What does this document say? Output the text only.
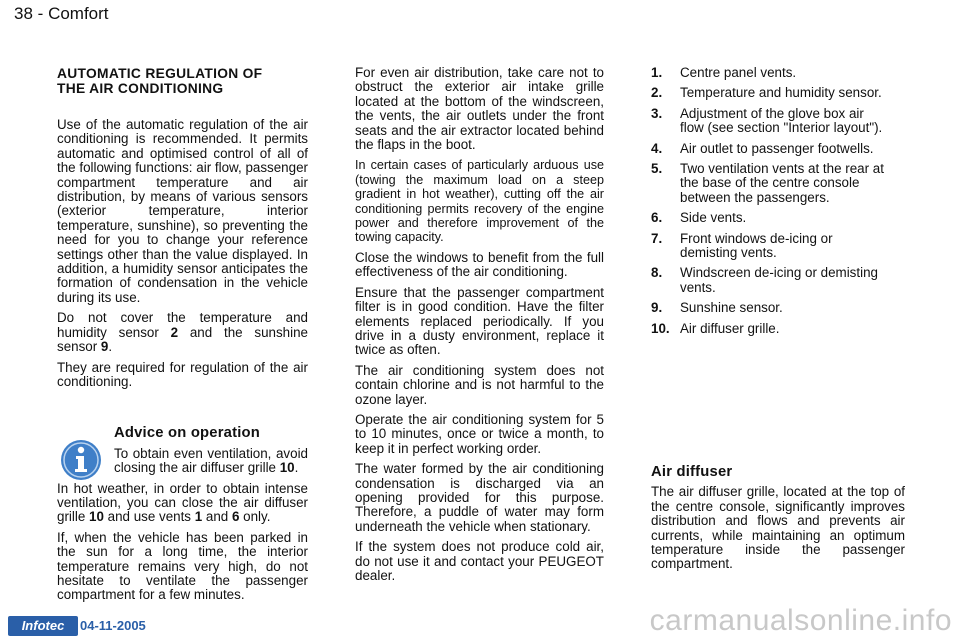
38 - Comfort
AUTOMATIC REGULATION OF
THE AIR CONDITIONING

Use of the automatic regulation of the air conditioning is recommended. It permits automatic and optimised control of all of the following functions: air flow, passenger compartment temperature and air distribution, by means of various sensors (exterior temperature, interior temperature, sunshine), so preventing the need for you to change your reference settings other than the value displayed. In addition, a humidity sensor anticipates the formation of condensation in the vehicle during its use.

Do not cover the temperature and humidity sensor 2 and the sunshine sensor 9.

They are required for regulation of the air conditioning.

Advice on operation

To obtain even ventilation, avoid closing the air diffuser grille 10.

In hot weather, in order to obtain intense ventilation, you can close the air diffuser grille 10 and use vents 1 and 6 only.

If, when the vehicle has been parked in the sun for a long time, the interior temperature remains very high, do not hesitate to ventilate the passenger compartment for a few minutes.

For even air distribution, take care not to obstruct the exterior air intake grille located at the bottom of the windscreen, the vents, the air outlets under the front seats and the air extractor located behind the flaps in the boot.

In certain cases of particularly arduous use (towing the maximum load on a steep gradient in hot weather), cutting off the air conditioning permits recovery of the engine power and therefore improvement of the towing capacity.

Close the windows to benefit from the full effectiveness of the air conditioning.

Ensure that the passenger compartment filter is in good condition. Have the filter elements replaced periodically. If you drive in a dusty environment, replace it twice as often.

The air conditioning system does not contain chlorine and is not harmful to the ozone layer.

Operate the air conditioning system for 5 to 10 minutes, once or twice a month, to keep it in perfect working order.

The water formed by the air conditioning condensation is discharged via an opening provided for this purpose. Therefore, a puddle of water may form underneath the vehicle when stationary.

If the system does not produce cold air, do not use it and contact your PEUGEOT dealer.

1.	Centre panel vents.
2.	Temperature and humidity sensor.
3.	Adjustment of the glove box air flow (see section "Interior layout").
4.	Air outlet to passenger footwells.
5.	Two ventilation vents at the rear at the base of the centre console between the passengers.
6.	Side vents.
7.	Front windows de-icing or demisting vents.
8.	Windscreen de-icing or demisting vents.
9.	Sunshine sensor.
10. Air diffuser grille.
Air diffuser

The air diffuser grille, located at the top of the centre console, significantly improves distribution and flows and prevents air currents, while maintaining an optimum temperature inside the passenger compartment.

Infotec	04-11-2005	carmanualsonline.info
